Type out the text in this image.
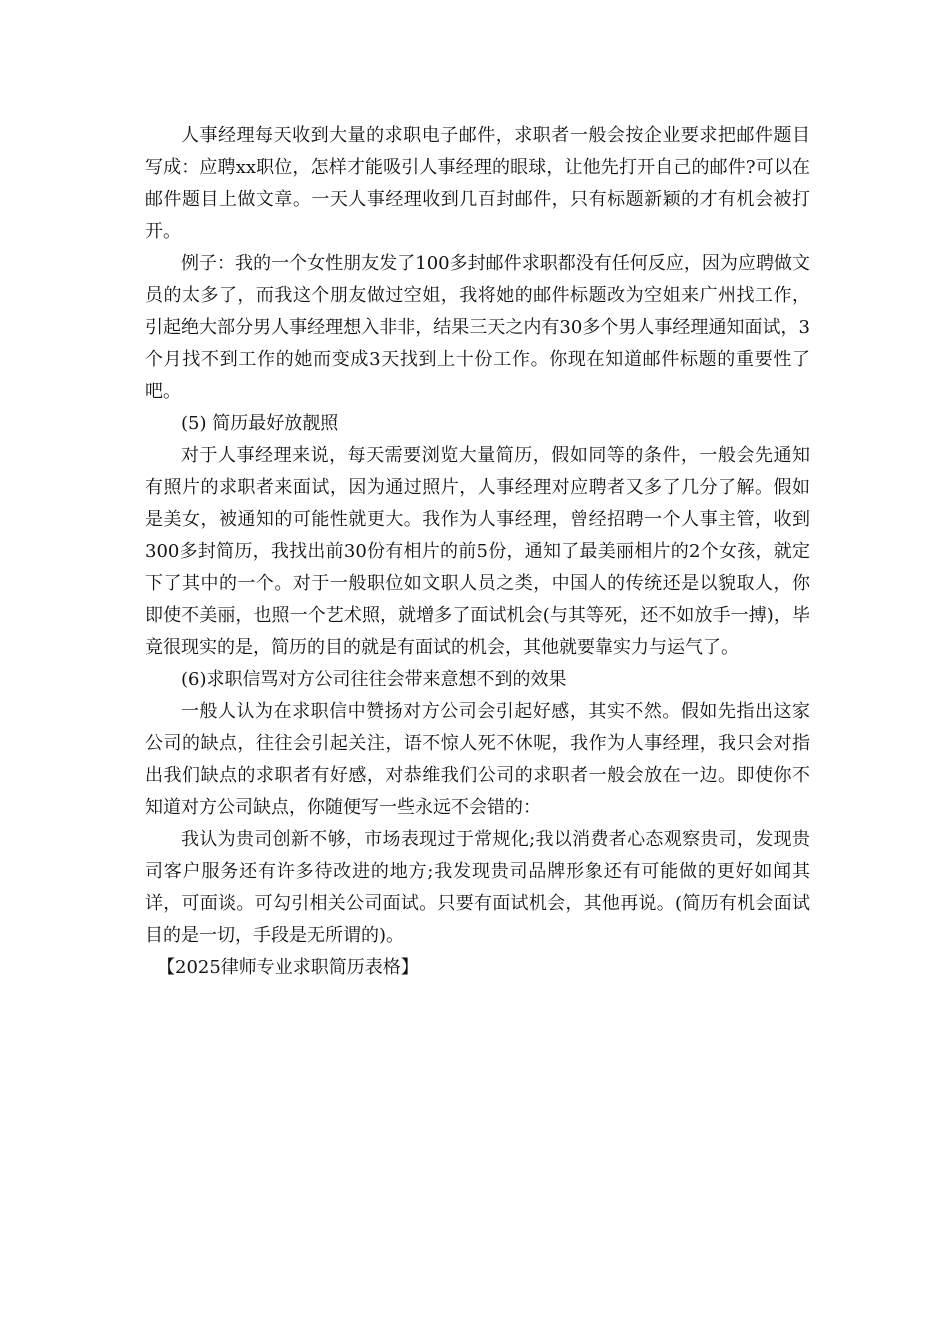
人事经理每天收到大量的求职电子邮件，求职者一般会按企业要求把邮件题目写成：应聘xx职位，怎样才能吸引人事经理的眼球，让他先打开自己的邮件?可以在邮件题目上做文章。一天人事经理收到几百封邮件，只有标题新颖的才有机会被打开。

例子：我的一个女性朋友发了100多封邮件求职都没有任何反应，因为应聘做文员的太多了，而我这个朋友做过空姐，我将她的邮件标题改为空姐来广州找工作，引起绝大部分男人事经理想入非非，结果三天之内有30多个男人事经理通知面试，3个月找不到工作的她而变成3天找到上十份工作。你现在知道邮件标题的重要性了吧。

(5) 简历最好放靓照

对于人事经理来说，每天需要浏览大量简历，假如同等的条件，一般会先通知有照片的求职者来面试，因为通过照片，人事经理对应聘者又多了几分了解。假如是美女，被通知的可能性就更大。我作为人事经理，曾经招聘一个人事主管，收到300多封简历，我找出前30份有相片的前5份，通知了最美丽相片的2个女孩，就定下了其中的一个。对于一般职位如文职人员之类，中国人的传统还是以貌取人，你即使不美丽，也照一个艺术照，就增多了面试机会(与其等死，还不如放手一搏)，毕竟很现实的是，简历的目的就是有面试的机会，其他就要靠实力与运气了。

(6)求职信骂对方公司往往会带来意想不到的效果

一般人认为在求职信中赞扬对方公司会引起好感，其实不然。假如先指出这家公司的缺点，往往会引起关注，语不惊人死不休呢，我作为人事经理，我只会对指出我们缺点的求职者有好感，对恭维我们公司的求职者一般会放在一边。即使你不知道对方公司缺点，你随便写一些永远不会错的：

我认为贵司创新不够，市场表现过于常规化;我以消费者心态观察贵司，发现贵司客户服务还有许多待改进的地方;我发现贵司品牌形象还有可能做的更好如闻其详，可面谈。可勾引相关公司面试。只要有面试机会，其他再说。(简历有机会面试目的是一切，手段是无所谓的)。

【2025律师专业求职简历表格】
